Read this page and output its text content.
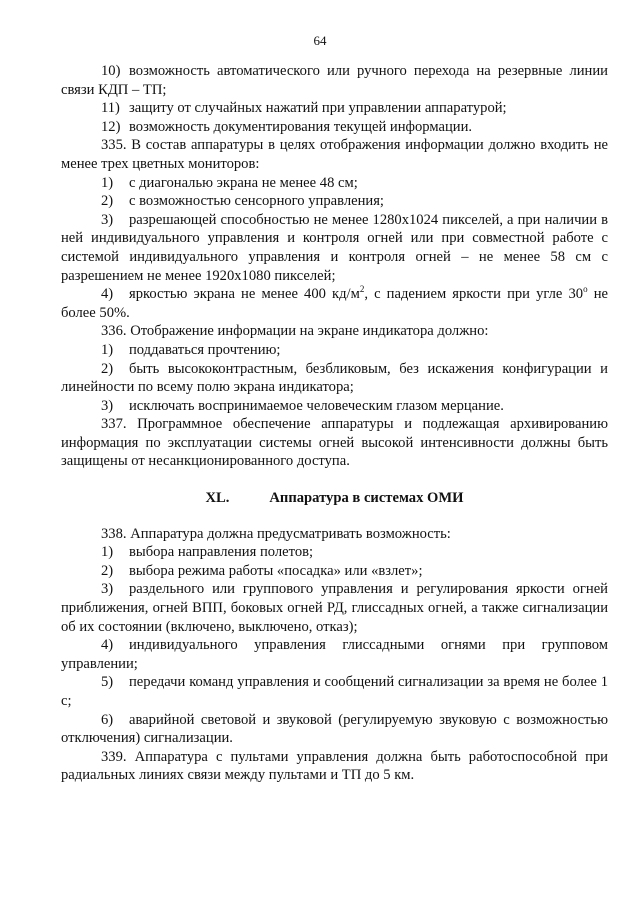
64

10) возможность автоматического или ручного перехода на резервные линии связи КДП – ТП;

11) защиту от случайных нажатий при управлении аппаратурой;

12) возможность документирования текущей информации.

335. В состав аппаратуры в целях отображения информации должно входить не менее трех цветных мониторов:

1) с диагональю экрана не менее 48 см;

2) с возможностью сенсорного управления;

3) разрешающей способностью не менее 1280x1024 пикселей, а при наличии в ней индивидуального управления и контроля огней или при совместной работе с системой индивидуального управления и контроля огней – не менее 58 см с разрешением не менее 1920x1080 пикселей;

4) яркостью экрана не менее 400 $кд/м^2$, с падением яркости при угле $30^о$ не более 50%.

336. Отображение информации на экране индикатора должно:

1) поддаваться прочтению;

2) быть высококонтрастным, безбликовым, без искажения конфигурации и линейности по всему полю экрана индикатора;

3) исключать воспринимаемое человеческим глазом мерцание.

337. Программное обеспечение аппаратуры и подлежащая архивированию информация по эксплуатации системы огней высокой интенсивности должны быть защищены от несанкционированного доступа.

XL.	Аппаратура в системах ОМИ

338. Аппаратура должна предусматривать возможность:

1) выбора направления полетов;

2) выбора режима работы «посадка» или «взлет»;

3) раздельного или группового управления и регулирования яркости огней приближения, огней ВПП, боковых огней РД, глиссадных огней, а также сигнализации об их состоянии (включено, выключено, отказ);

4) индивидуального управления глиссадными огнями при групповом управлении;

5) передачи команд управления и сообщений сигнализации за время не более 1 с;

6) аварийной световой и звуковой (регулируемую звуковую с возможностью отключения) сигнализации.

339. Аппаратура с пультами управления должна быть работоспособной при радиальных линиях связи между пультами и ТП до 5 км.
